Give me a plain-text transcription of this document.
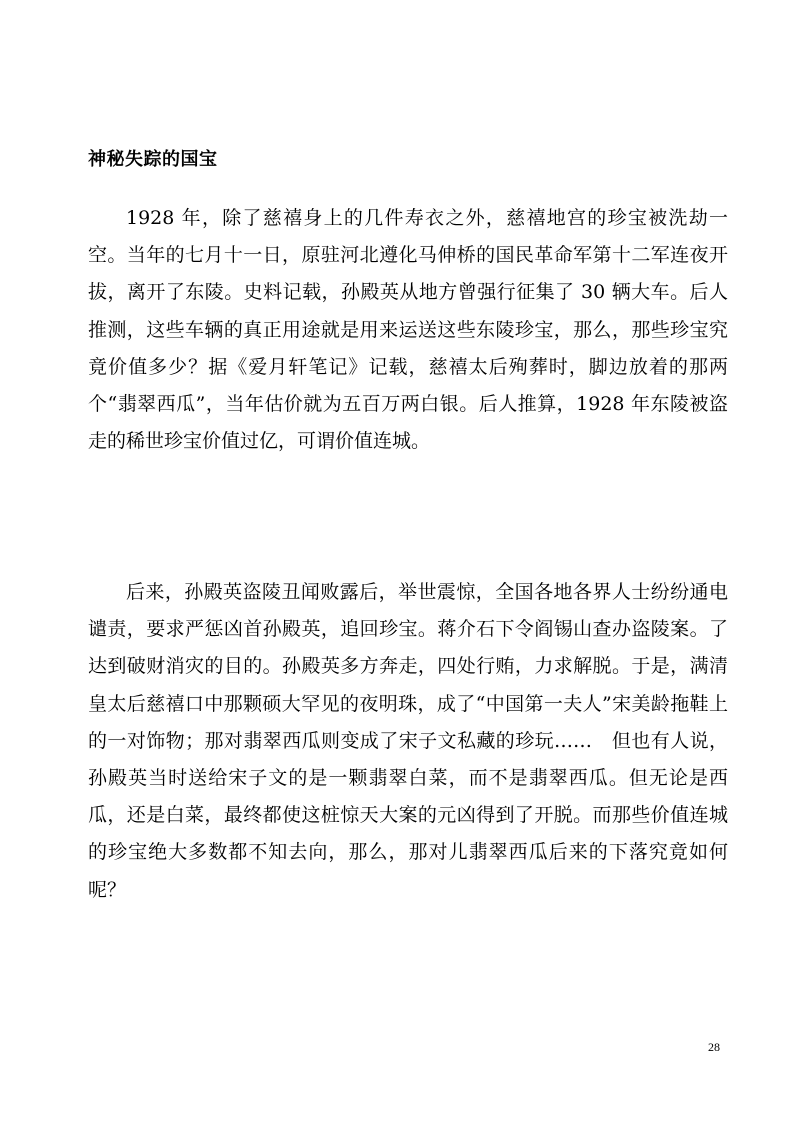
神秘失踪的国宝

1928 年，除了慈禧身上的几件寿衣之外，慈禧地宫的珍宝被洗劫一空。当年的七月十一日，原驻河北遵化马伸桥的国民革命军第十二军连夜开拔，离开了东陵。史料记载，孙殿英从地方曾强行征集了 30 辆大车。后人推测，这些车辆的真正用途就是用来运送这些东陵珍宝，那么，那些珍宝究竟价值多少？据《爱月轩笔记》记载，慈禧太后殉葬时，脚边放着的那两个“翡翠西瓜”，当年估价就为五百万两白银。后人推算，1928 年东陵被盗走的稀世珍宝价值过亿，可谓价值连城。

后来，孙殿英盗陵丑闻败露后，举世震惊，全国各地各界人士纷纷通电谴责，要求严惩凶首孙殿英，追回珍宝。蒋介石下令阎锡山查办盗陵案。了达到破财消灾的目的。孙殿英多方奔走，四处行贿，力求解脱。于是，满清皇太后慈禧口中那颗硕大罕见的夜明珠，成了“中国第一夫人”宋美龄拖鞋上的一对饰物；那对翡翠西瓜则变成了宋子文私藏的珍玩……　但也有人说，孙殿英当时送给宋子文的是一颗翡翠白菜，而不是翡翠西瓜。但无论是西瓜，还是白菜，最终都使这桩惊天大案的元凶得到了开脱。而那些价值连城的珍宝绝大多数都不知去向，那么，那对儿翡翠西瓜后来的下落究竟如何呢？

28
